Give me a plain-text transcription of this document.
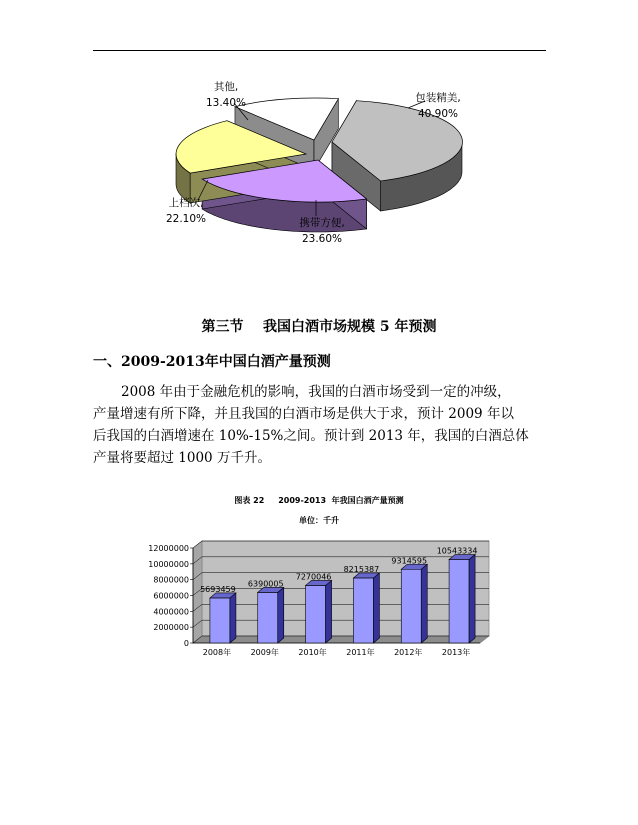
包装精美,
40.90%
携带方便,
23.60%
上档次,
22.10%
其他,
13.40%
第三节    我国白酒市场规模 5 年预测
一、2009-2013年中国白酒产量预测
2008 年由于金融危机的影响，我国的白酒市场受到一定的冲级，
产量增速有所下降，并且我国的白酒市场是供大于求，预计 2009 年以
后我国的白酒增速在 10%-15%之间。预计到 2013 年，我国的白酒总体
产量将要超过 1000 万千升。
图表 22     2009-2013  年我国白酒产量预测
单位：千升
12000000
10000000
8000000
6000000
4000000
2000000
0
5693459
2008年
6390005
2009年
7270046
2010年
8215387
2011年
9314595
2012年
10543334
2013年
